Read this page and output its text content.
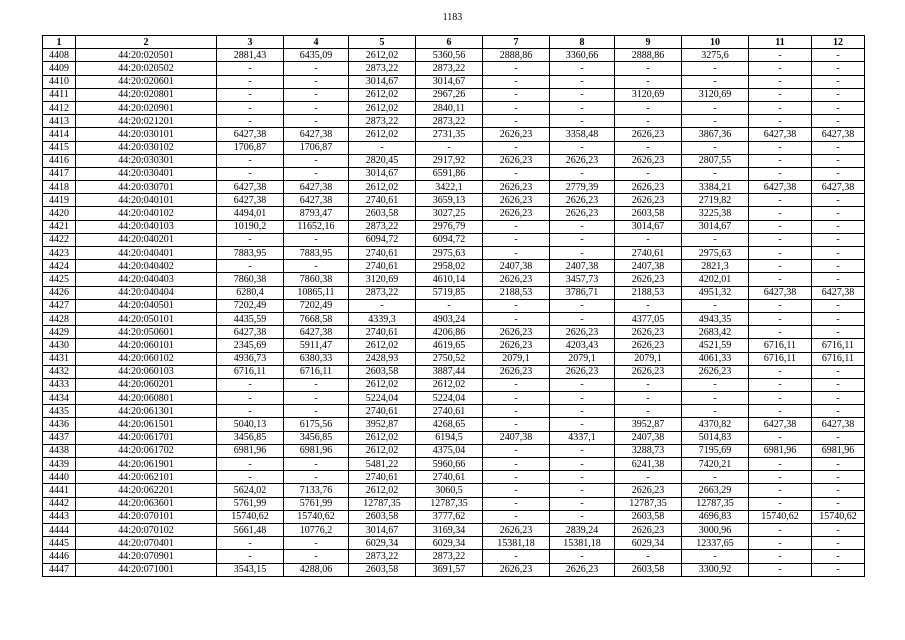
1183
1	2	3	4	5	6	7	8	9	10	11	12
4408	44:20:020501	2881,43	6435,09	2612,02	5360,56	2888,86	3360,66	2888,86	3275,6	-	-
4409	44:20:020502	-	-	2873,22	2873,22	-	-	-	-	-	-
4410	44:20:020601	-	-	3014,67	3014,67	-	-	-	-	-	-
4411	44:20:020801	-	-	2612,02	2967,26	-	-	3120,69	3120,69	-	-
4412	44:20:020901	-	-	2612,02	2840,11	-	-	-	-	-	-
4413	44:20:021201	-	-	2873,22	2873,22	-	-	-	-	-	-
4414	44:20:030101	6427,38	6427,38	2612,02	2731,35	2626,23	3358,48	2626,23	3867,36	6427,38	6427,38
4415	44:20:030102	1706,87	1706,87	-	-	-	-	-	-	-	-
4416	44:20:030301	-	-	2820,45	2917,92	2626,23	2626,23	2626,23	2807,55	-	-
4417	44:20:030401	-	-	3014,67	6591,86	-	-	-	-	-	-
4418	44:20:030701	6427,38	6427,38	2612,02	3422,1	2626,23	2779,39	2626,23	3384,21	6427,38	6427,38
4419	44:20:040101	6427,38	6427,38	2740,61	3659,13	2626,23	2626,23	2626,23	2719,82	-	-
4420	44:20:040102	4494,01	8793,47	2603,58	3027,25	2626,23	2626,23	2603,58	3225,38	-	-
4421	44:20:040103	10190,2	11652,16	2873,22	2976,79	-	-	3014,67	3014,67	-	-
4422	44:20:040201	-	-	6094,72	6094,72	-	-	-	-	-	-
4423	44:20:040401	7883,95	7883,95	2740,61	2975,63	-	-	2740,61	2975,63	-	-
4424	44:20:040402	-	-	2740,61	2958,02	2407,38	2407,38	2407,38	2821,3	-	-
4425	44:20:040403	7860,38	7860,38	3120,69	4610,14	2626,23	3457,73	2626,23	4202,01	-	-
4426	44:20:040404	6280,4	10865,11	2873,22	5719,85	2188,53	3786,71	2188,53	4951,32	6427,38	6427,38
4427	44:20:040501	7202,49	7202,49	-	-	-	-	-	-	-	-
4428	44:20:050101	4435,59	7668,58	4339,3	4903,24	-	-	4377,05	4943,35	-	-
4429	44:20:050601	6427,38	6427,38	2740,61	4206,86	2626,23	2626,23	2626,23	2683,42	-	-
4430	44:20:060101	2345,69	5911,47	2612,02	4619,65	2626,23	4203,43	2626,23	4521,59	6716,11	6716,11
4431	44:20:060102	4936,73	6380,33	2428,93	2750,52	2079,1	2079,1	2079,1	4061,33	6716,11	6716,11
4432	44:20:060103	6716,11	6716,11	2603,58	3887,44	2626,23	2626,23	2626,23	2626,23	-	-
4433	44:20:060201	-	-	2612,02	2612,02	-	-	-	-	-	-
4434	44:20:060801	-	-	5224,04	5224,04	-	-	-	-	-	-
4435	44:20:061301	-	-	2740,61	2740,61	-	-	-	-	-	-
4436	44:20:061501	5040,13	6175,56	3952,87	4268,65	-	-	3952,87	4370,82	6427,38	6427,38
4437	44:20:061701	3456,85	3456,85	2612,02	6194,5	2407,38	4337,1	2407,38	5014,83	-	-
4438	44:20:061702	6981,96	6981,96	2612,02	4375,04	-	-	3288,73	7195,69	6981,96	6981,96
4439	44:20:061901	-	-	5481,22	5960,66	-	-	6241,38	7420,21	-	-
4440	44:20:062101	-	-	2740,61	2740,61	-	-	-	-	-	-
4441	44:20:062201	5624,02	7133,76	2612,02	3060,5	-	-	2626,23	2663,29	-	-
4442	44:20:063601	5761,99	5761,99	12787,35	12787,35	-	-	12787,35	12787,35	-	-
4443	44:20:070101	15740,62	15740,62	2603,58	3777,62	-	-	2603,58	4696,83	15740,62	15740,62
4444	44:20:070102	5661,48	10776,2	3014,67	3169,34	2626,23	2839,24	2626,23	3000,96	-	-
4445	44:20:070401	-	-	6029,34	6029,34	15381,18	15381,18	6029,34	12337,65	-	-
4446	44:20:070901	-	-	2873,22	2873,22	-	-	-	-	-	-
4447	44:20:071001	3543,15	4288,06	2603,58	3691,57	2626,23	2626,23	2603,58	3300,92	-	-
